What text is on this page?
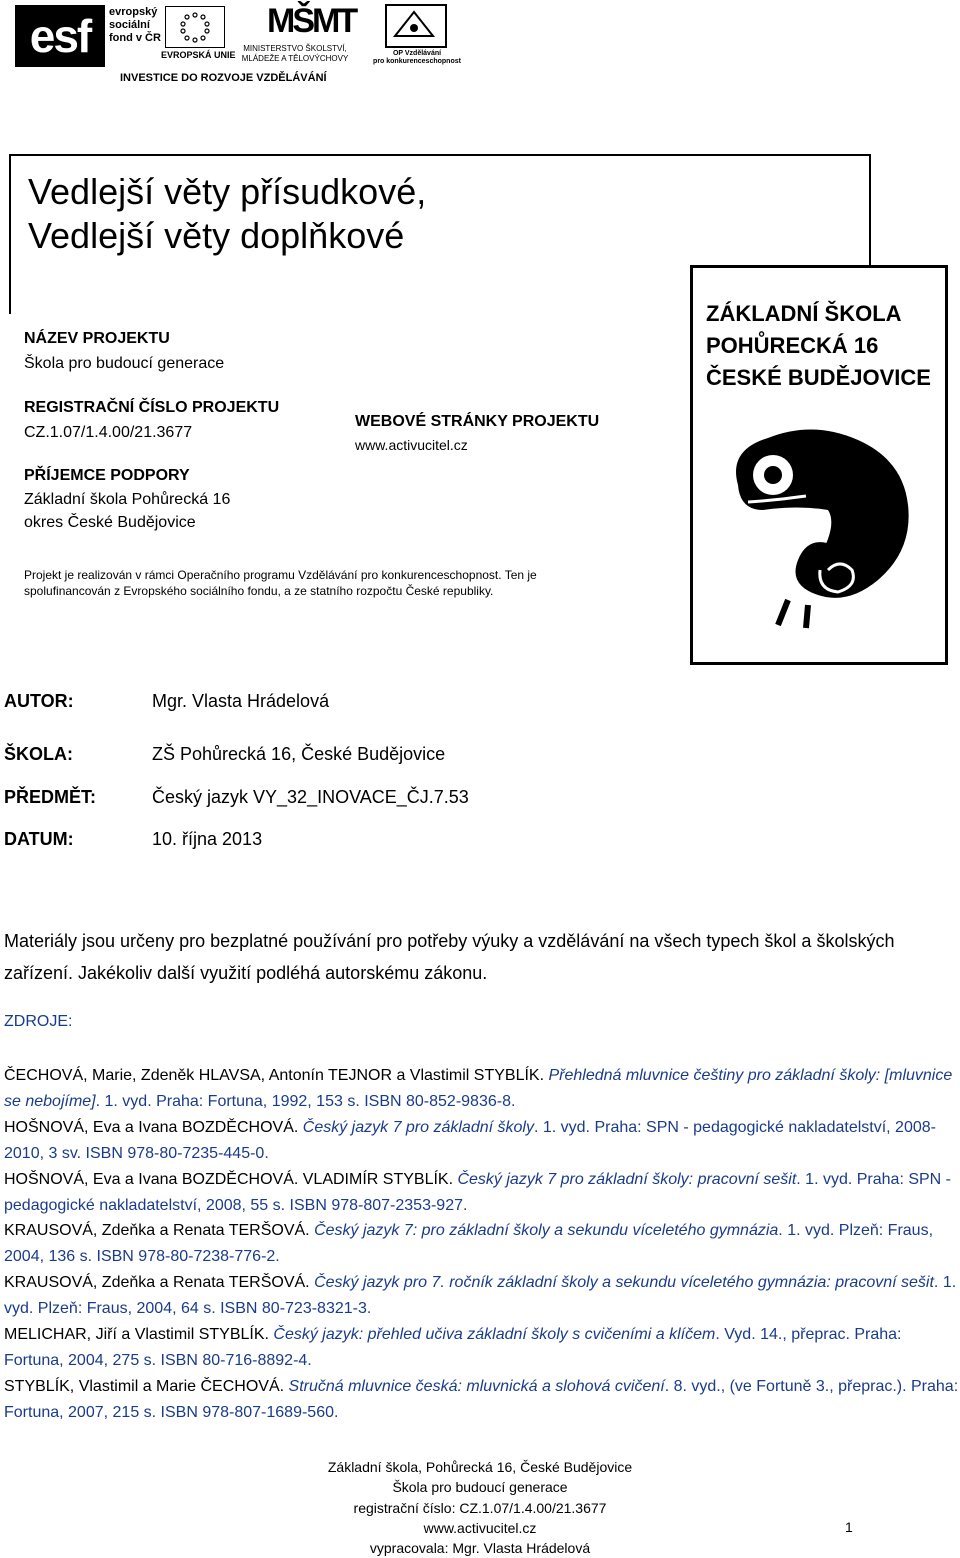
esf	evropský
sociální
fond v ČR
EVROPSKÁ UNIE
MŠMT
MINISTERSTVO ŠKOLSTVÍ,
MLÁDEŽE A TĚLOVÝCHOVY
OP Vzdělávání
pro konkurenceschopnost
INVESTICE DO ROZVOJE VZDĚLÁVÁNÍ
Vedlejší věty přísudkové,
Vedlejší věty doplňkové
NÁZEV PROJEKTU
Škola pro budoucí generace
REGISTRAČNÍ ČÍSLO PROJEKTU
CZ.1.07/1.4.00/21.3677
PŘÍJEMCE PODPORY
Základní škola Pohůrecká 16
okres České Budějovice
WEBOVÉ STRÁNKY PROJEKTU
www.activucitel.cz
Projekt je realizován v rámci Operačního programu Vzdělávání pro konkurenceschopnost. Ten je spolufinancován z Evropského sociálního fondu, a ze statního rozpočtu České republiky.
ZÁKLADNÍ ŠKOLA
POHŮRECKÁ 16
ČESKÉ BUDĚJOVICE
AUTOR:	Mgr. Vlasta Hrádelová
ŠKOLA:	ZŠ Pohůrecká 16, České Budějovice
PŘEDMĚT:	Český jazyk VY_32_INOVACE_ČJ.7.53
DATUM:	10. října 2013
Materiály jsou určeny pro bezplatné používání pro potřeby výuky a vzdělávání na všech typech škol a školských zařízení. Jakékoliv další využití podléhá autorskému zákonu.
ZDROJE:

ČECHOVÁ, Marie, Zdeněk HLAVSA, Antonín TEJNOR a Vlastimil STYBLÍK. Přehledná mluvnice češtiny pro základní školy: [mluvnice se nebojíme]. 1. vyd. Praha: Fortuna, 1992, 153 s. ISBN 80-852-9836-8.

HOŠNOVÁ, Eva a Ivana BOZDĚCHOVÁ. Český jazyk 7 pro základní školy. 1. vyd. Praha: SPN - pedagogické nakladatelství, 2008-2010, 3 sv. ISBN 978-80-7235-445-0.

HOŠNOVÁ, Eva a Ivana BOZDĚCHOVÁ. VLADIMÍR STYBLÍK. Český jazyk 7 pro základní školy: pracovní sešit. 1. vyd. Praha: SPN - pedagogické nakladatelství, 2008, 55 s. ISBN 978-807-2353-927.

KRAUSOVÁ, Zdeňka a Renata TERŠOVÁ. Český jazyk 7: pro základní školy a sekundu víceletého gymnázia. 1. vyd. Plzeň: Fraus, 2004, 136 s. ISBN 978-80-7238-776-2.

KRAUSOVÁ, Zdeňka a Renata TERŠOVÁ. Český jazyk pro 7. ročník základní školy a sekundu víceletého gymnázia: pracovní sešit. 1. vyd. Plzeň: Fraus, 2004, 64 s. ISBN 80-723-8321-3.

MELICHAR, Jiří a Vlastimil STYBLÍK. Český jazyk: přehled učiva základní školy s cvičeními a klíčem. Vyd. 14., přeprac. Praha: Fortuna, 2004, 275 s. ISBN 80-716-8892-4.

STYBLÍK, Vlastimil a Marie ČECHOVÁ. Stručná mluvnice česká: mluvnická a slohová cvičení. 8. vyd., (ve Fortuně 3., přeprac.). Praha: Fortuna, 2007, 215 s. ISBN 978-807-1689-560.

Základní škola, Pohůrecká 16, České Budějovice
Škola pro budoucí generace
registrační číslo: CZ.1.07/1.4.00/21.3677
www.activucitel.cz
vypracovala: Mgr. Vlasta Hrádelová
1
